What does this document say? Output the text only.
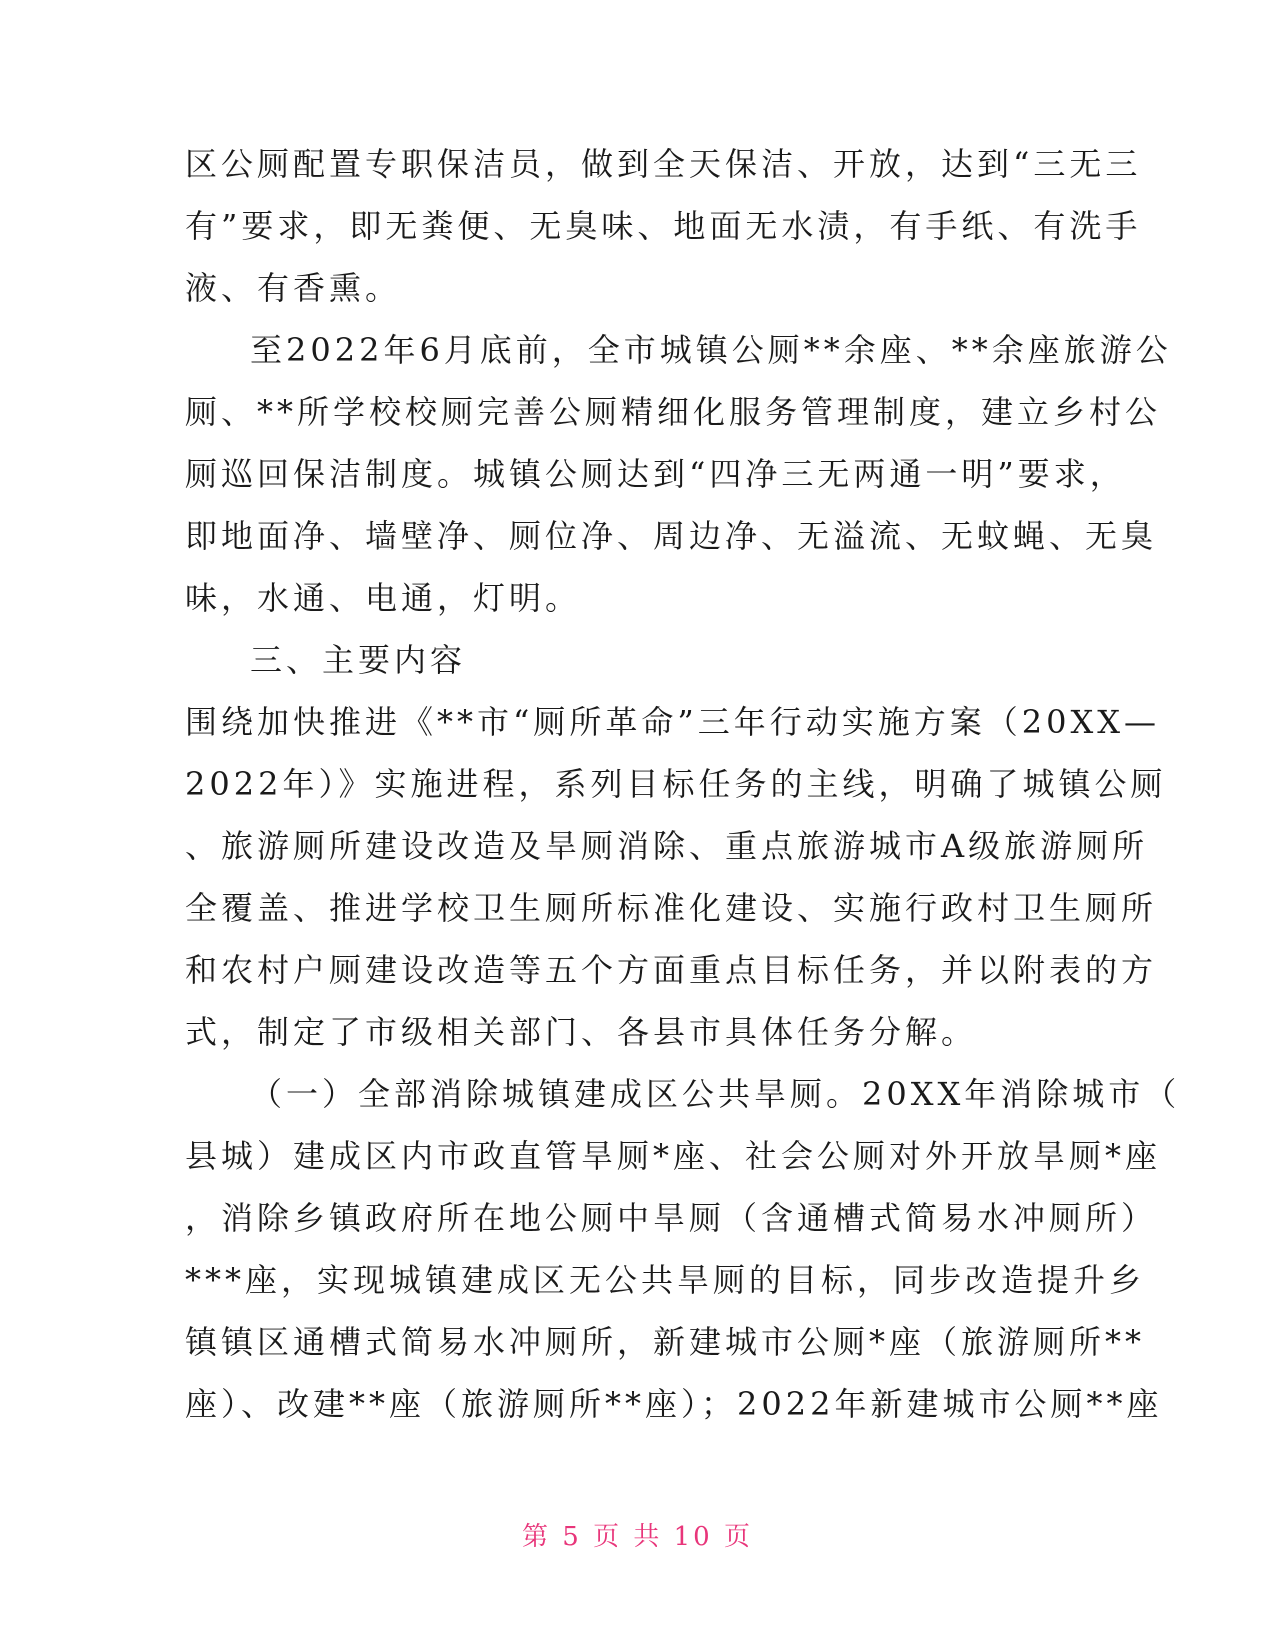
区公厕配置专职保洁员，做到全天保洁、开放，达到“三无三
有”要求，即无粪便、无臭味、地面无水渍，有手纸、有洗手
液、有香熏。
至2022年6月底前，全市城镇公厕**余座、**余座旅游公
厕、**所学校校厕完善公厕精细化服务管理制度，建立乡村公
厕巡回保洁制度。城镇公厕达到“四净三无两通一明”要求，
即地面净、墙壁净、厕位净、周边净、无溢流、无蚊蝇、无臭
味，水通、电通，灯明。
三、主要内容
围绕加快推进《**市“厕所革命”三年行动实施方案（20XX—
2022年）》实施进程，系列目标任务的主线，明确了城镇公厕
、旅游厕所建设改造及旱厕消除、重点旅游城市A级旅游厕所
全覆盖、推进学校卫生厕所标准化建设、实施行政村卫生厕所
和农村户厕建设改造等五个方面重点目标任务，并以附表的方
式，制定了市级相关部门、各县市具体任务分解。
（一）全部消除城镇建成区公共旱厕。20XX年消除城市（
县城）建成区内市政直管旱厕*座、社会公厕对外开放旱厕*座
，消除乡镇政府所在地公厕中旱厕（含通槽式简易水冲厕所）
***座，实现城镇建成区无公共旱厕的目标，同步改造提升乡
镇镇区通槽式简易水冲厕所，新建城市公厕*座（旅游厕所**
座）、改建**座（旅游厕所**座）；2022年新建城市公厕**座
第 5 页 共 10 页
